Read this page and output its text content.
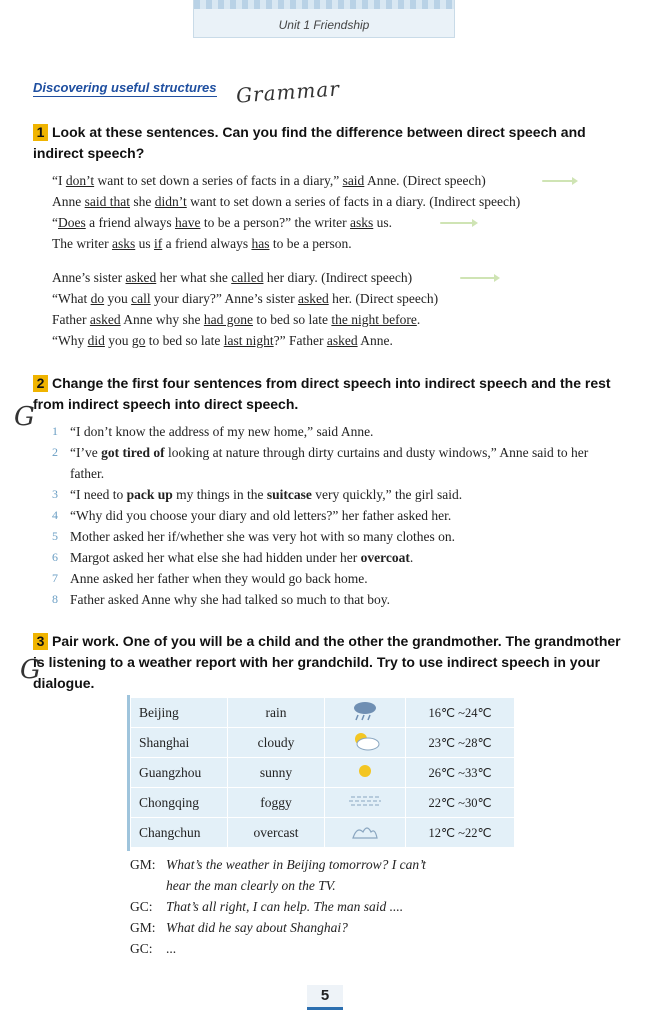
Unit 1 Friendship
Discovering useful structures Grammar
1 Look at these sentences. Can you find the difference between direct speech and indirect speech?
“I don’t want to set down a series of facts in a diary,” said Anne. (Direct speech)
Anne said that she didn’t want to set down a series of facts in a diary. (Indirect speech)
“Does a friend always have to be a person?” the writer asks us.
The writer asks us if a friend always has to be a person.
Anne’s sister asked her what she called her diary. (Indirect speech)
“What do you call your diary?” Anne’s sister asked her. (Direct speech)
Father asked Anne why she had gone to bed so late the night before.
“Why did you go to bed so late last night?” Father asked Anne.
2 Change the first four sentences from direct speech into indirect speech and the rest from indirect speech into direct speech.
G 1 “I don’t know the address of my new home,” said Anne.
2 “I’ve got tired of looking at nature through dirty curtains and dusty windows,” Anne said to her father.
3 “I need to pack up my things in the suitcase very quickly,” the girl said.
4 “Why did you choose your diary and old letters?” her father asked her.
5 Mother asked her if/whether she was very hot with so many clothes on.
6 Margot asked her what else she had hidden under her overcoat.
7 Anne asked her father when they would go back home.
8 Father asked Anne why she had talked so much to that boy.
3 Pair work. One of you will be a child and the other the grandmother. The grandmother is listening to a weather report with her grandchild. Try to use indirect speech in your dialogue.
G
Beijing	rain		16℃ ~24℃
Shanghai	cloudy		23℃ ~28℃
Guangzhou	sunny		26℃ ~33℃
Chongqing	foggy		22℃ ~30℃
Changchun	overcast		12℃ ~22℃
GM: What’s the weather in Beijing tomorrow? I can’t
hear the man clearly on the TV.
GC: That’s all right, I can help. The man said ....
GM: What did he say about Shanghai?
GC: ...
5
